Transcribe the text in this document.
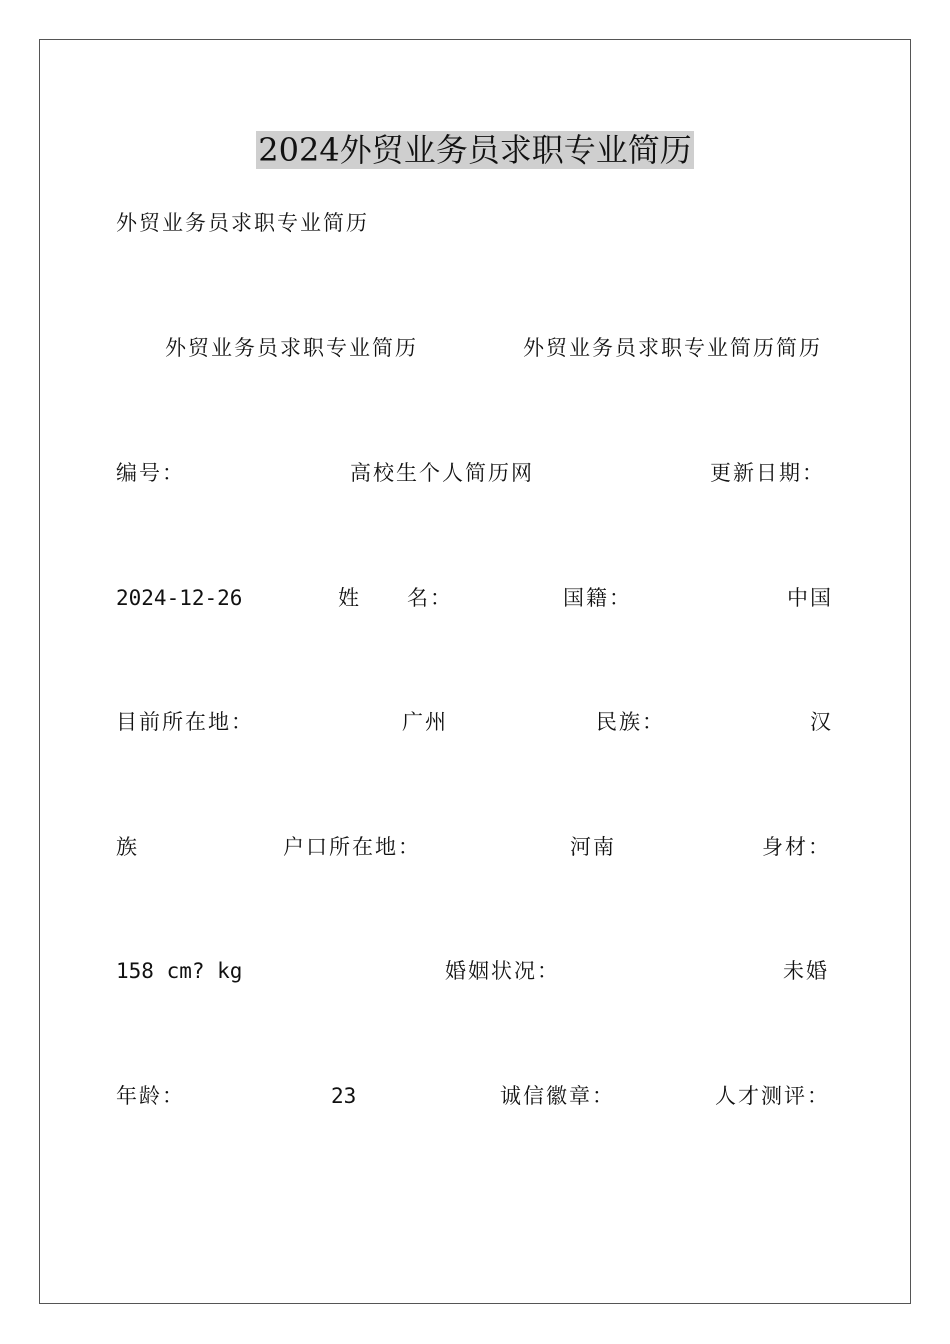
2024外贸业务员求职专业简历
外贸业务员求职专业简历
外贸业务员求职专业简历	外贸业务员求职专业简历简历
编号：	高校生个人简历网	更新日期：
2024-12-26	姓　　名：	国籍：	中国
目前所在地：	广州	民族：	汉
族	户口所在地：	河南	身材：
158 cm? kg	婚姻状况：	未婚
年龄：	23	诚信徽章：	人才测评：
